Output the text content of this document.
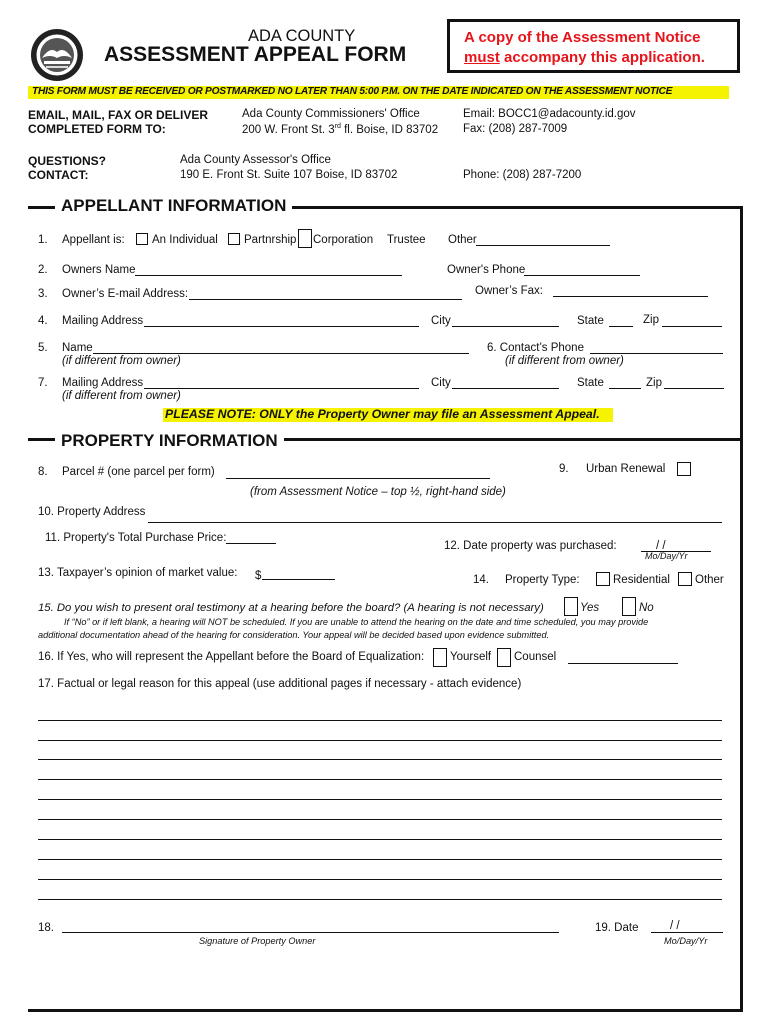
ADA COUNTY
ASSESSMENT APPEAL FORM
A copy of the Assessment Notice
must accompany this application.
THIS FORM MUST BE RECEIVED OR POSTMARKED NO LATER THAN 5:00 P.M. ON THE DATE INDICATED ON THE ASSESSMENT NOTICE
EMAIL, MAIL, FAX OR DELIVER
COMPLETED FORM TO:
Ada County Commissioners' Office
200 W. Front St. 3rd fl. Boise, ID 83702
Email: BOCC1@adacounty.id.gov
Fax: (208) 287-7009
QUESTIONS?
CONTACT:
Ada County Assessor's Office
190 E. Front St. Suite 107 Boise, ID 83702	Phone: (208) 287-7200
APPELLANT INFORMATION
1. Appellant is: An Individual Partnrship Corporation Trustee Other
2. Owners Name	Owner's Phone
3. Owner’s E-mail Address:	Owner’s Fax:
4. Mailing Address	City	State	Zip
5. Name
(if different from owner)
6. Contact’s Phone
(if different from owner)
7. Mailing Address
(if different from owner)
City	State	Zip
PLEASE NOTE: ONLY the Property Owner may file an Assessment Appeal.
PROPERTY INFORMATION
8. Parcel # (one parcel per form)
(from Assessment Notice – top ½, right-hand side)
9. Urban Renewal
10. Property Address
11. Property's Total Purchase Price:
12. Date property was purchased:	/ /
Mo/Day/Yr
13. Taxpayer’s opinion of market value: $	14. Property Type:	Residential Other
15. Do you wish to present oral testimony at a hearing before the board? (A hearing is not necessary)	Yes	No
If “No” or if left blank, a hearing will NOT be scheduled. If you are unable to attend the hearing on the date and time scheduled, you may provide
additional documentation ahead of the hearing for consideration. Your appeal will be decided based upon evidence submitted.
16. If Yes, who will represent the Appellant before the Board of Equalization: Yourself Counsel
17. Factual or legal reason for this appeal (use additional pages if necessary - attach evidence)
18.
Signature of Property Owner
19. Date	/ /
Mo/Day/Yr
